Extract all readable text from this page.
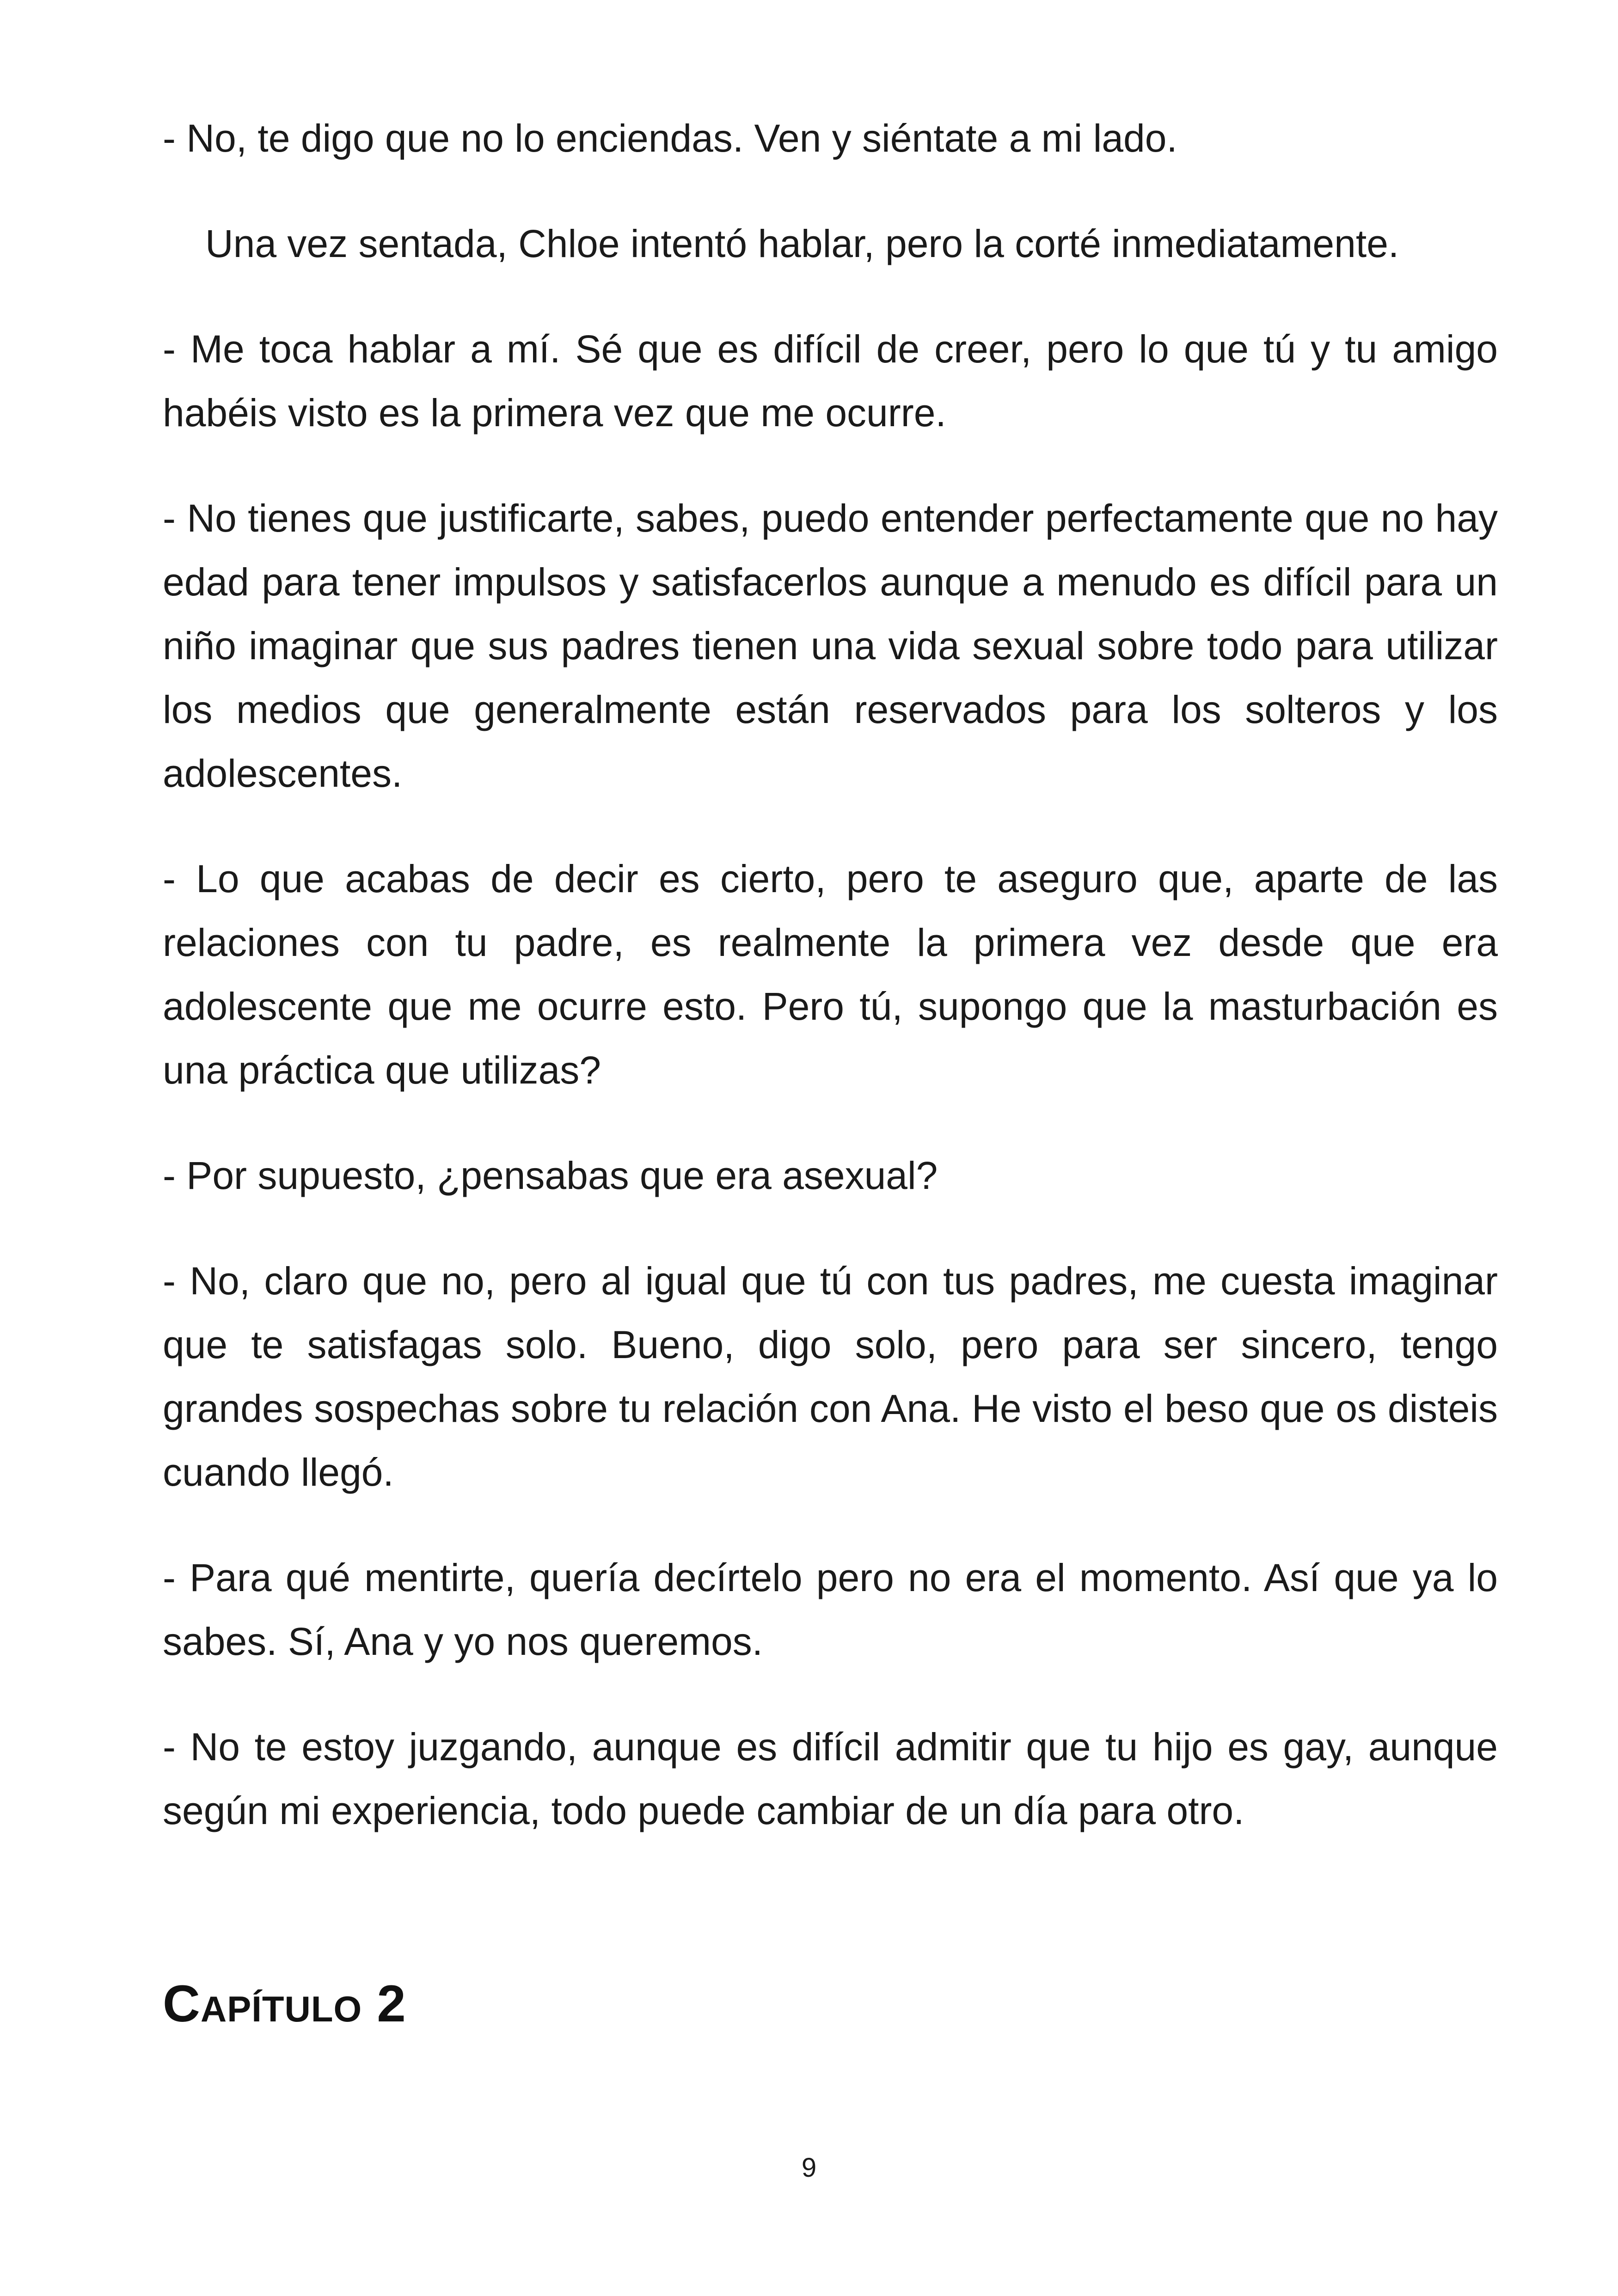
- No, te digo que no lo enciendas. Ven y siéntate a mi lado.

Una vez sentada, Chloe intentó hablar, pero la corté inmediatamente.

- Me toca hablar a mí. Sé que es difícil de creer, pero lo que tú y tu amigo habéis visto es la primera vez que me ocurre.

- No tienes que justificarte, sabes, puedo entender perfectamente que no hay edad para tener impulsos y satisfacerlos aunque a menudo es difícil para un niño imaginar que sus padres tienen una vida sexual sobre todo para utilizar los medios que generalmente están reservados para los solteros y los adolescentes.

- Lo que acabas de decir es cierto, pero te aseguro que, aparte de las relaciones con tu padre, es realmente la primera vez desde que era adolescente que me ocurre esto. Pero tú, supongo que la masturbación es una práctica que utilizas?

- Por supuesto, ¿pensabas que era asexual?

- No, claro que no, pero al igual que tú con tus padres, me cuesta imaginar que te satisfagas solo. Bueno, digo solo, pero para ser sincero, tengo grandes sospechas sobre tu relación con Ana. He visto el beso que os disteis cuando llegó.

- Para qué mentirte, quería decírtelo pero no era el momento. Así que ya lo sabes. Sí, Ana y yo nos queremos.

- No te estoy juzgando, aunque es difícil admitir que tu hijo es gay, aunque según mi experiencia, todo puede cambiar de un día para otro.

Capítulo 2
9
